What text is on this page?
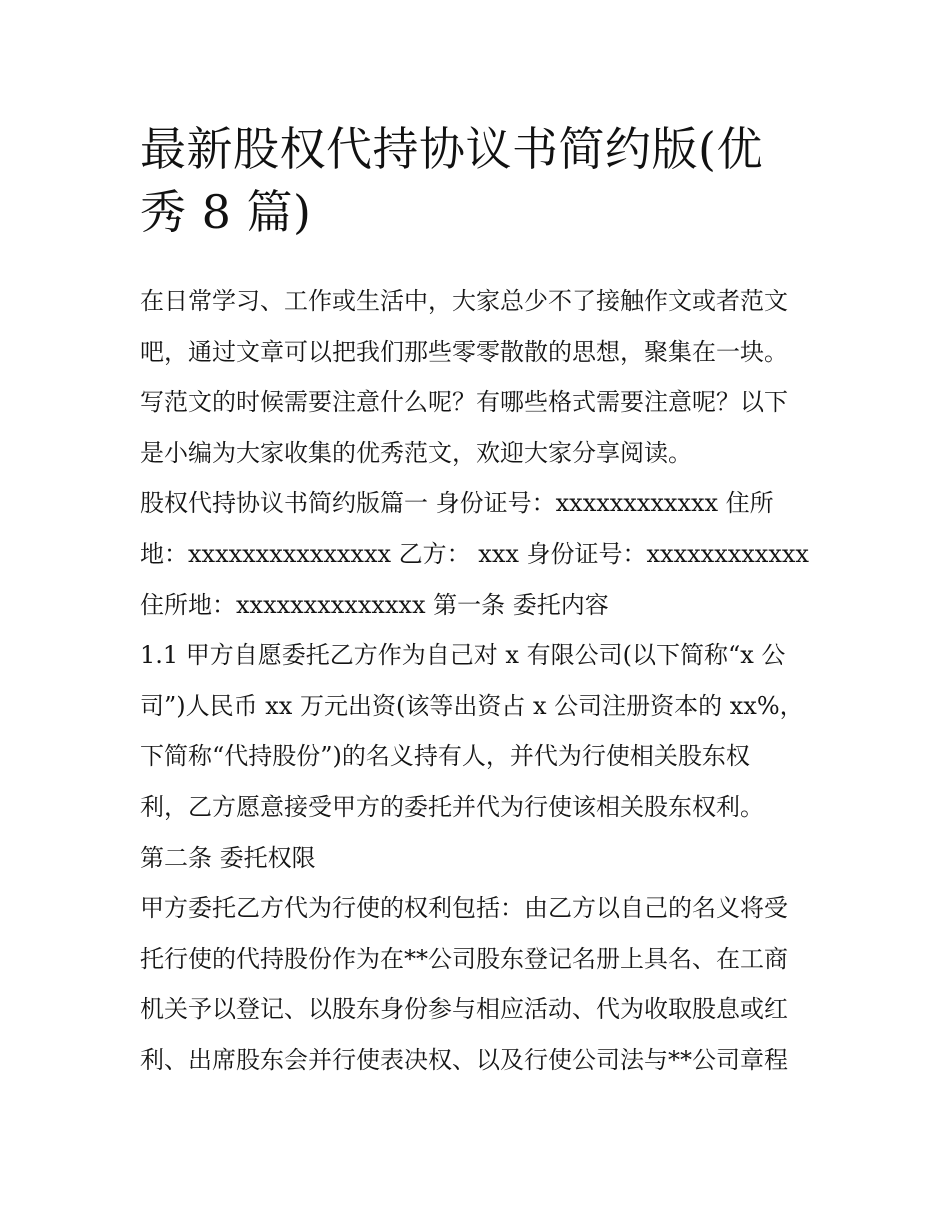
最新股权代持协议书简约版(优
秀 8 篇)
在日常学习、工作或生活中，大家总少不了接触作文或者范文
吧，通过文章可以把我们那些零零散散的思想，聚集在一块。
写范文的时候需要注意什么呢？有哪些格式需要注意呢？以下
是小编为大家收集的优秀范文，欢迎大家分享阅读。
股权代持协议书简约版篇一 身份证号：xxxxxxxxxxxx 住所
地：xxxxxxxxxxxxxxx 乙方： xxx 身份证号：xxxxxxxxxxxx
住所地：xxxxxxxxxxxxxx 第一条 委托内容
1.1 甲方自愿委托乙方作为自己对 x 有限公司(以下简称“x 公
司”)人民币 xx 万元出资(该等出资占 x 公司注册资本的 xx%，
下简称“代持股份”)的名义持有人，并代为行使相关股东权
利，乙方愿意接受甲方的委托并代为行使该相关股东权利。
第二条 委托权限
甲方委托乙方代为行使的权利包括：由乙方以自己的名义将受
托行使的代持股份作为在**公司股东登记名册上具名、在工商
机关予以登记、以股东身份参与相应活动、代为收取股息或红
利、出席股东会并行使表决权、以及行使公司法与**公司章程
